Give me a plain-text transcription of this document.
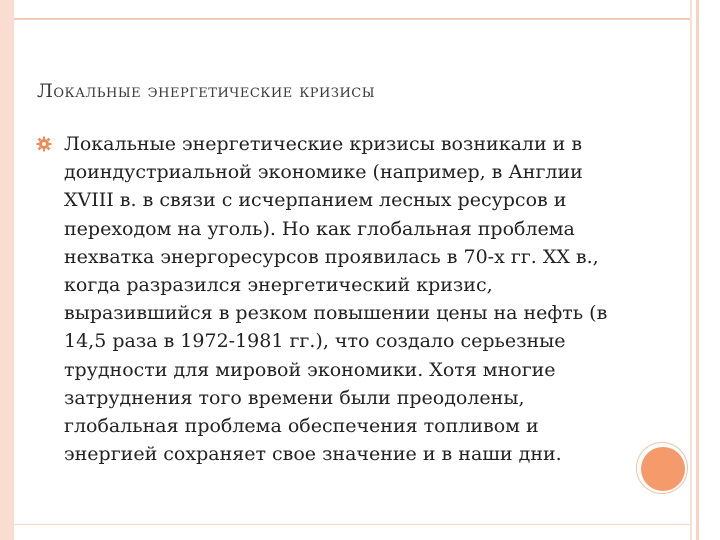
Локальные энергетические кризисы
Локальные энергетические кризисы возникали и в доиндустриальной экономике (например, в Англии XVIII в. в связи с исчерпанием лесных ресурсов и переходом на уголь). Но как глобальная проблема нехватка энергоресурсов проявилась в 70-х гг. XX в., когда разразился энергетический кризис, выразившийся в резком повышении цены на нефть (в 14,5 раза в 1972-1981 гг.), что создало серьезные трудности для мировой экономики. Хотя многие затруднения того времени были преодолены, глобальная проблема обеспечения топливом и энергией сохраняет свое значение и в наши дни.
